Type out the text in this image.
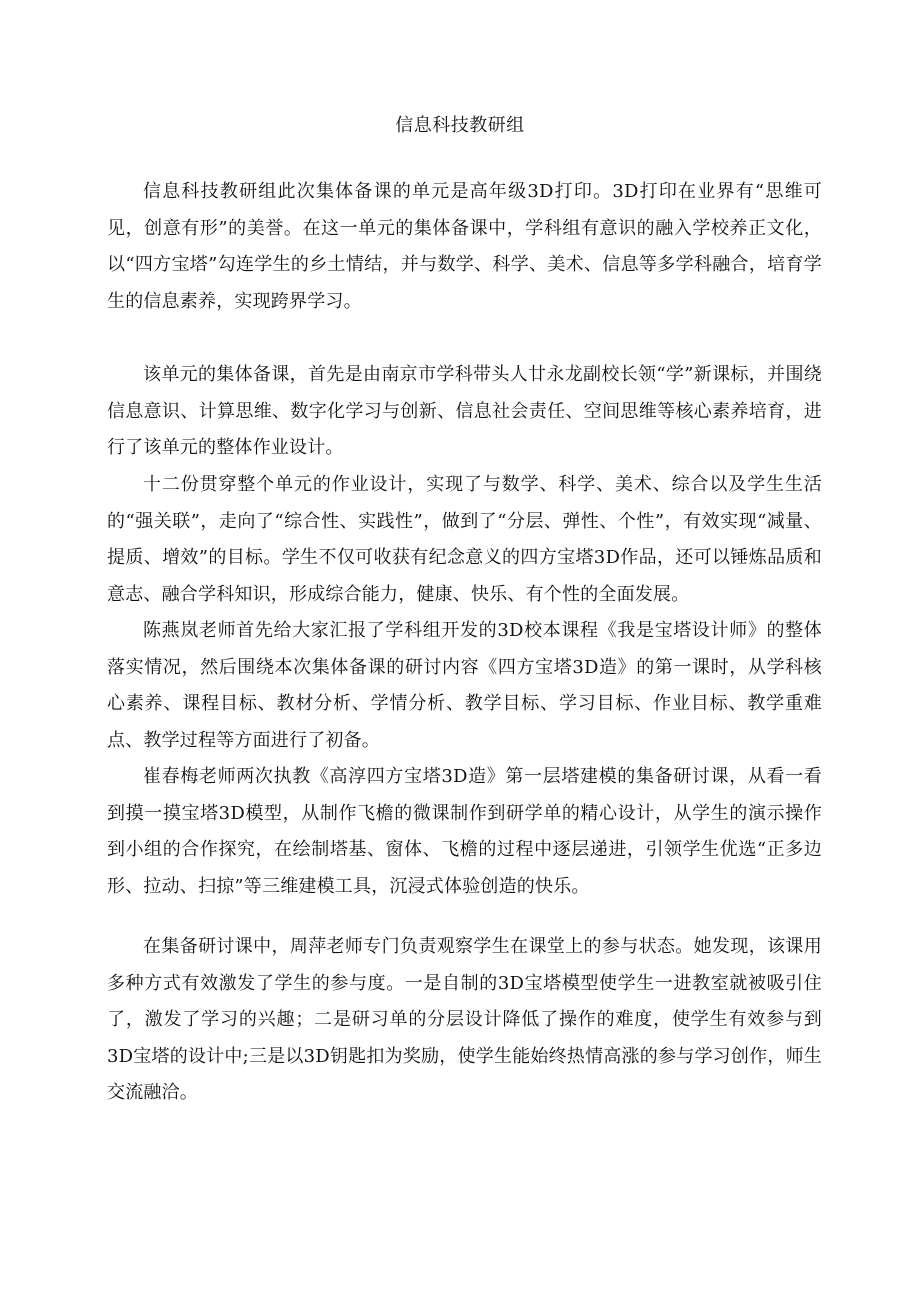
信息科技教研组

信息科技教研组此次集体备课的单元是高年级3D打印。3D打印在业界有“思维可见，创意有形”的美誉。在这一单元的集体备课中，学科组有意识的融入学校养正文化，以“四方宝塔”勾连学生的乡土情结，并与数学、科学、美术、信息等多学科融合，培育学生的信息素养，实现跨界学习。

该单元的集体备课，首先是由南京市学科带头人廿永龙副校长领“学”新课标，并围绕信息意识、计算思维、数字化学习与创新、信息社会责任、空间思维等核心素养培育，进行了该单元的整体作业设计。

十二份贯穿整个单元的作业设计，实现了与数学、科学、美术、综合以及学生生活的“强关联”，走向了“综合性、实践性”，做到了“分层、弹性、个性”，有效实现“减量、提质、增效”的目标。学生不仅可收获有纪念意义的四方宝塔3D作品，还可以锤炼品质和意志、融合学科知识，形成综合能力，健康、快乐、有个性的全面发展。

陈燕岚老师首先给大家汇报了学科组开发的3D校本课程《我是宝塔设计师》的整体落实情况，然后围绕本次集体备课的研讨内容《四方宝塔3D造》的第一课时，从学科核心素养、课程目标、教材分析、学情分析、教学目标、学习目标、作业目标、教学重难点、教学过程等方面进行了初备。

崔春梅老师两次执教《高淳四方宝塔3D造》第一层塔建模的集备研讨课，从看一看到摸一摸宝塔3D模型，从制作飞檐的微课制作到研学单的精心设计，从学生的演示操作到小组的合作探究，在绘制塔基、窗体、飞檐的过程中逐层递进，引领学生优选“正多边形、拉动、扫掠”等三维建模工具，沉浸式体验创造的快乐。

在集备研讨课中，周萍老师专门负责观察学生在课堂上的参与状态。她发现，该课用多种方式有效激发了学生的参与度。一是自制的3D宝塔模型使学生一进教室就被吸引住了，激发了学习的兴趣；二是研习单的分层设计降低了操作的难度，使学生有效参与到3D宝塔的设计中;三是以3D钥匙扣为奖励，使学生能始终热情高涨的参与学习创作，师生交流融洽。
